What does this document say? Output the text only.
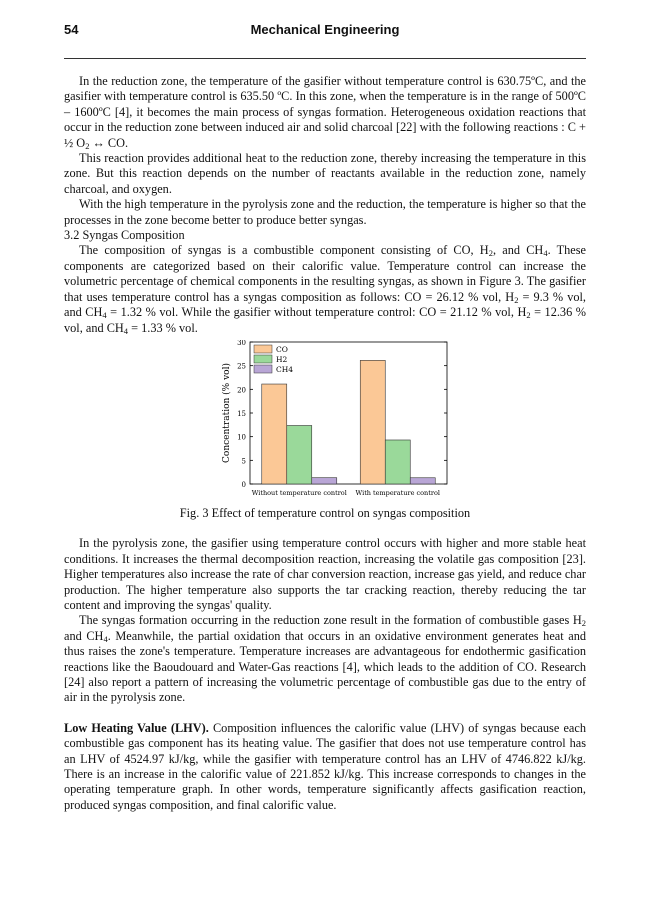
54	Mechanical Engineering

In the reduction zone, the temperature of the gasifier without temperature control is 630.75ºC, and the gasifier with temperature control is 635.50 ºC. In this zone, when the temperature is in the range of 500ºC – 1600ºC [4], it becomes the main process of syngas formation. Heterogeneous oxidation reactions that occur in the reduction zone between induced air and solid charcoal [22] with the following reactions : C + ½ $O_2$ ↔ CO.

This reaction provides additional heat to the reduction zone, thereby increasing the temperature in this zone. But this reaction depends on the number of reactants available in the reduction zone, namely charcoal, and oxygen.

With the high temperature in the pyrolysis zone and the reduction, the temperature is higher so that the processes in the zone become better to produce better syngas.

3.2 Syngas Composition

The composition of syngas is a combustible component consisting of CO, $H_2$, and $CH_4$. These components are categorized based on their calorific value. Temperature control can increase the volumetric percentage of chemical components in the resulting syngas, as shown in Figure 3. The gasifier that uses temperature control has a syngas composition as follows: CO = 26.12 % vol, $H_2 = 9.3$ % vol, and $CH_4 = 1.32$ % vol. While the gasifier without temperature control: CO = 21.12 % vol, $H_2 = 12.36$ % vol, and $CH_4 = 1.33$ % vol.

0
5
10
15
20
25
30
Without temperature control With temperature control
CO
H2
CH4
Concentration (% vol)
Fig. 3 Effect of temperature control on syngas composition

In the pyrolysis zone, the gasifier using temperature control occurs with higher and more stable heat conditions. It increases the thermal decomposition reaction, increasing the volatile gas composition [23]. Higher temperatures also increase the rate of char conversion reaction, increase gas yield, and reduce char production. The higher temperature also supports the tar cracking reaction, thereby reducing the tar content and improving the syngas' quality.

The syngas formation occurring in the reduction zone result in the formation of combustible gases $H_2$ and $CH_4$. Meanwhile, the partial oxidation that occurs in an oxidative environment generates heat and thus raises the zone's temperature. Temperature increases are advantageous for endothermic gasification reactions like the Baoudouard and Water-Gas reactions [4], which leads to the addition of CO. Research [24] also report a pattern of increasing the volumetric percentage of combustible gas due to the entry of air in the pyrolysis zone.

Low Heating Value (LHV). Composition influences the calorific value (LHV) of syngas because each combustible gas component has its heating value. The gasifier that does not use temperature control has an LHV of 4524.97 kJ/kg, while the gasifier with temperature control has an LHV of 4746.822 kJ/kg. There is an increase in the calorific value of 221.852 kJ/kg. This increase corresponds to changes in the operating temperature graph. In other words, temperature significantly affects gasification reaction, produced syngas composition, and final calorific value.
